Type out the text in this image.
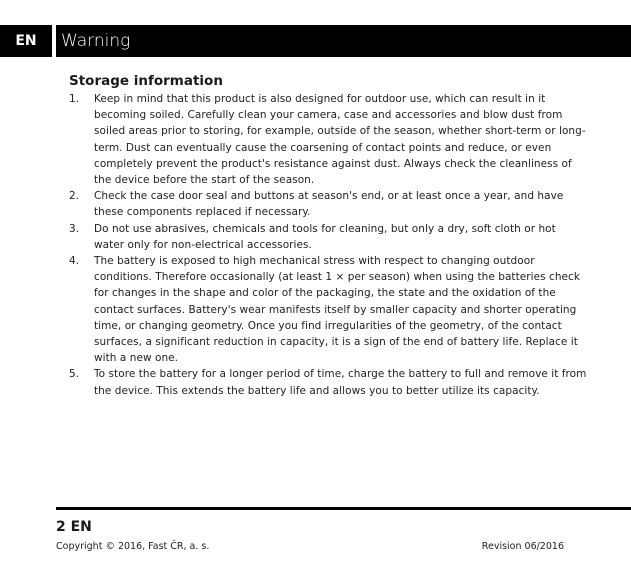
EN	Warning
Storage information
1. Keep in mind that this product is also designed for outdoor use, which can result in it becoming soiled. Carefully clean your camera, case and accessories and blow dust from soiled areas prior to storing, for example, outside of the season, whether short-term or long-term. Dust can eventually cause the coarsening of contact points and reduce, or even completely prevent the product's resistance against dust. Always check the cleanliness of the device before the start of the season.
2. Check the case door seal and buttons at season's end, or at least once a year, and have these components replaced if necessary.
3. Do not use abrasives, chemicals and tools for cleaning, but only a dry, soft cloth or hot water only for non-electrical accessories.
4. The battery is exposed to high mechanical stress with respect to changing outdoor conditions. Therefore occasionally (at least 1 × per season) when using the batteries check for changes in the shape and color of the packaging, the state and the oxidation of the contact surfaces. Battery's wear manifests itself by smaller capacity and shorter operating time, or changing geometry. Once you find irregularities of the geometry, of the contact surfaces, a significant reduction in capacity, it is a sign of the end of battery life. Replace it with a new one.
5. To store the battery for a longer period of time, charge the battery to full and remove it from the device. This extends the battery life and allows you to better utilize its capacity.
2 EN
Copyright © 2016, Fast ČR, a. s.	Revision 06/2016
